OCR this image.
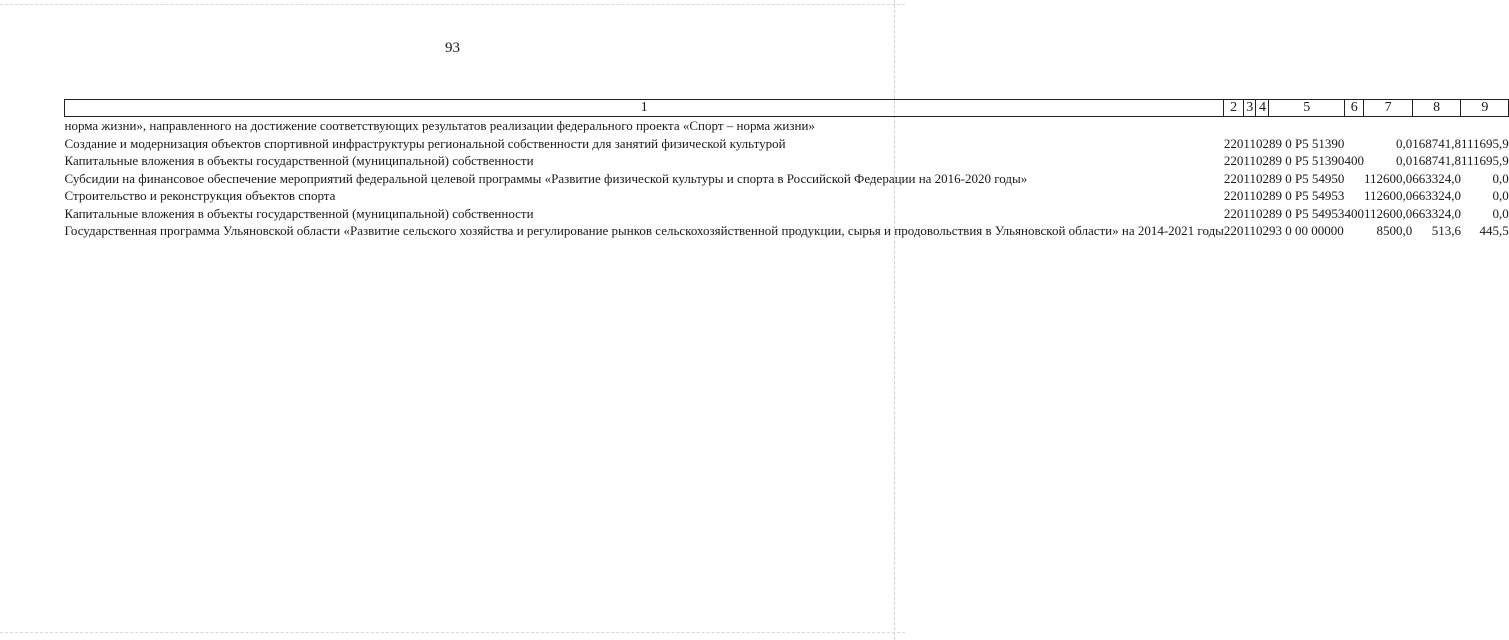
93
1	2	3	4	5	6	7	8	9
норма жизни», направленного на достижение соответствующих результатов реализации федерального проекта «Спорт – норма жизни»								
Создание и модернизация объектов спортивной инфраструктуры региональной собственности для занятий физической культурой	220	11	02	89 0 P5 51390		0,0	168741,8	111695,9
Капитальные вложения в объекты государственной (муниципальной) собственности	220	11	02	89 0 P5 51390	400	0,0	168741,8	111695,9
Субсидии на финансовое обеспечение мероприятий федеральной целевой программы «Развитие физической культуры и спорта в Российской Федерации на 2016-2020 годы»	220	11	02	89 0 P5 54950		112600,0	663324,0	0,0
Строительство и реконструкция объектов спорта	220	11	02	89 0 P5 54953		112600,0	663324,0	0,0
Капитальные вложения в объекты государственной (муниципальной) собственности	220	11	02	89 0 P5 54953	400	112600,0	663324,0	0,0
Государственная программа Ульяновской области «Развитие сельского хозяйства и регулирование рынков сельскохозяйственной продукции, сырья и продовольствия в Ульяновской области» на 2014-2021 годы	220	11	02	93 0 00 00000		8500,0	513,6	445,5
